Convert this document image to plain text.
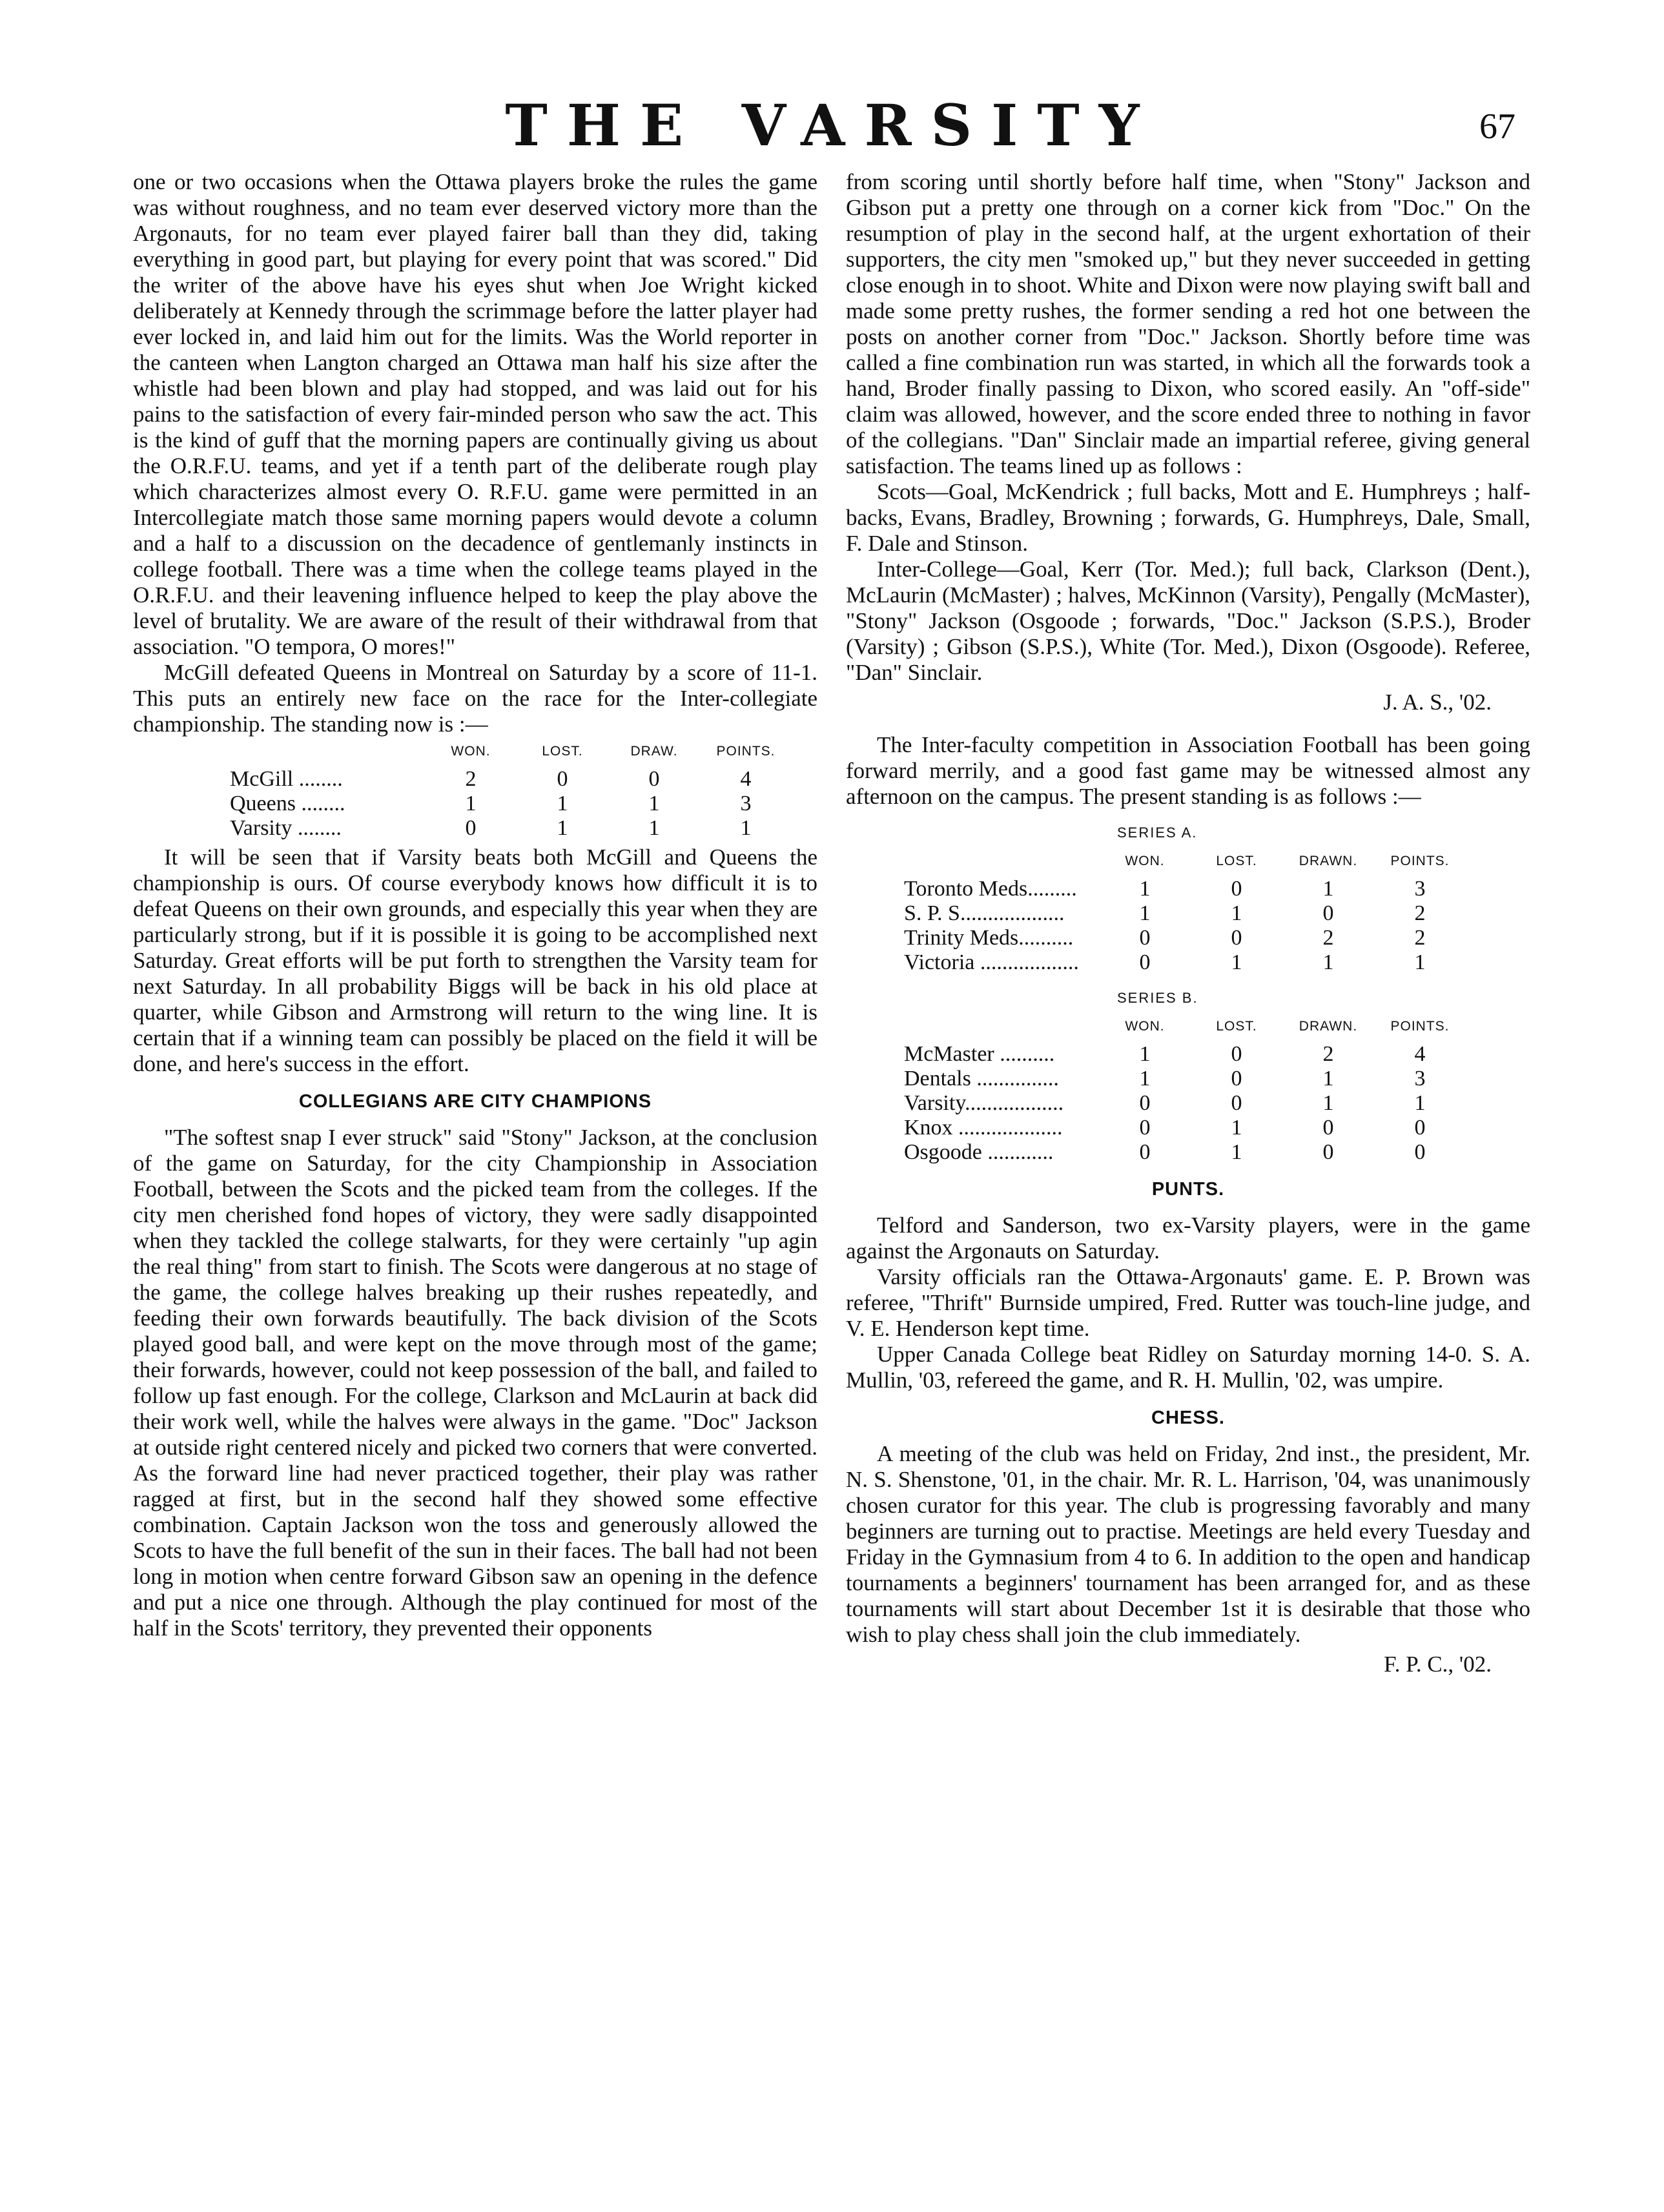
THE VARSITY	67

one or two occasions when the Ottawa players broke the rules the game was without roughness, and no team ever deserved victory more than the Argonauts, for no team ever played fairer ball than they did, taking everything in good part, but playing for every point that was scored." Did the writer of the above have his eyes shut when Joe Wright kicked deliberately at Kennedy through the scrimmage before the latter player had ever locked in, and laid him out for the limits. Was the World reporter in the canteen when Langton charged an Ottawa man half his size after the whistle had been blown and play had stopped, and was laid out for his pains to the satisfaction of every fair-minded person who saw the act. This is the kind of guff that the morning papers are continually giving us about the O.R.F.U. teams, and yet if a tenth part of the deliberate rough play which characterizes almost every O. R.F.U. game were permitted in an Intercollegiate match those same morning papers would devote a column and a half to a discussion on the decadence of gentlemanly instincts in college football. There was a time when the college teams played in the O.R.F.U. and their leavening influence helped to keep the play above the level of brutality. We are aware of the result of their withdrawal from that association. "O tempora, O mores!"

McGill defeated Queens in Montreal on Saturday by a score of 11-1. This puts an entirely new face on the race for the Inter-collegiate championship. The standing now is :—

	WON.	LOST.	DRAW.	POINTS.
McGill ........	2	0	0	4
Queens ........	1	1	1	3
Varsity ........	0	1	1	1

It will be seen that if Varsity beats both McGill and Queens the championship is ours. Of course everybody knows how difficult it is to defeat Queens on their own grounds, and especially this year when they are particularly strong, but if it is possible it is going to be accomplished next Saturday. Great efforts will be put forth to strengthen the Varsity team for next Saturday. In all probability Biggs will be back in his old place at quarter, while Gibson and Armstrong will return to the wing line. It is certain that if a winning team can possibly be placed on the field it will be done, and here's success in the effort.

COLLEGIANS ARE CITY CHAMPIONS

"The softest snap I ever struck" said "Stony" Jackson, at the conclusion of the game on Saturday, for the city Championship in Association Football, between the Scots and the picked team from the colleges. If the city men cherished fond hopes of victory, they were sadly disappointed when they tackled the college stalwarts, for they were certainly "up agin the real thing" from start to finish. The Scots were dangerous at no stage of the game, the college halves breaking up their rushes repeatedly, and feeding their own forwards beautifully. The back division of the Scots played good ball, and were kept on the move through most of the game; their forwards, however, could not keep possession of the ball, and failed to follow up fast enough. For the college, Clarkson and McLaurin at back did their work well, while the halves were always in the game. "Doc" Jackson at outside right centered nicely and picked two corners that were converted. As the forward line had never practiced together, their play was rather ragged at first, but in the second half they showed some effective combination. Captain Jackson won the toss and generously allowed the Scots to have the full benefit of the sun in their faces. The ball had not been long in motion when centre forward Gibson saw an opening in the defence and put a nice one through. Although the play continued for most of the half in the Scots' territory, they prevented their opponents

from scoring until shortly before half time, when "Stony" Jackson and Gibson put a pretty one through on a corner kick from "Doc." On the resumption of play in the second half, at the urgent exhortation of their supporters, the city men "smoked up," but they never succeeded in getting close enough in to shoot. White and Dixon were now playing swift ball and made some pretty rushes, the former sending a red hot one between the posts on another corner from "Doc." Jackson. Shortly before time was called a fine combination run was started, in which all the forwards took a hand, Broder finally passing to Dixon, who scored easily. An "off-side" claim was allowed, however, and the score ended three to nothing in favor of the collegians. "Dan" Sinclair made an impartial referee, giving general satisfaction. The teams lined up as follows :

Scots—Goal, McKendrick ; full backs, Mott and E. Humphreys ; half-backs, Evans, Bradley, Browning ; forwards, G. Humphreys, Dale, Small, F. Dale and Stinson.

Inter-College—Goal, Kerr (Tor. Med.); full back, Clarkson (Dent.), McLaurin (McMaster) ; halves, McKinnon (Varsity), Pengally (McMaster), "Stony" Jackson (Osgoode ; forwards, "Doc." Jackson (S.P.S.), Broder (Varsity) ; Gibson (S.P.S.), White (Tor. Med.), Dixon (Osgoode). Referee, "Dan" Sinclair.

J. A. S., '02.

The Inter-faculty competition in Association Football has been going forward merrily, and a good fast game may be witnessed almost any afternoon on the campus. The present standing is as follows :—

SERIES A.
	WON.	LOST.	DRAWN.	POINTS.
Toronto Meds.........	1	0	1	3
S. P. S...................	1	1	0	2
Trinity Meds..........	0	0	2	2
Victoria ..................	0	1	1	1
SERIES B.
	WON.	LOST.	DRAWN.	POINTS.
McMaster ..........	1	0	2	4
Dentals ...............	1	0	1	3
Varsity..................	0	0	1	1
Knox ...................	0	1	0	0
Osgoode ............	0	1	0	0
PUNTS.

Telford and Sanderson, two ex-Varsity players, were in the game against the Argonauts on Saturday.

Varsity officials ran the Ottawa-Argonauts' game. E. P. Brown was referee, "Thrift" Burnside umpired, Fred. Rutter was touch-line judge, and V. E. Henderson kept time.

Upper Canada College beat Ridley on Saturday morning 14-0. S. A. Mullin, '03, refereed the game, and R. H. Mullin, '02, was umpire.

CHESS.

A meeting of the club was held on Friday, 2nd inst., the president, Mr. N. S. Shenstone, '01, in the chair. Mr. R. L. Harrison, '04, was unanimously chosen curator for this year. The club is progressing favorably and many beginners are turning out to practise. Meetings are held every Tuesday and Friday in the Gymnasium from 4 to 6. In addition to the open and handicap tournaments a beginners' tournament has been arranged for, and as these tournaments will start about December 1st it is desirable that those who wish to play chess shall join the club immediately.

F. P. C., '02.
